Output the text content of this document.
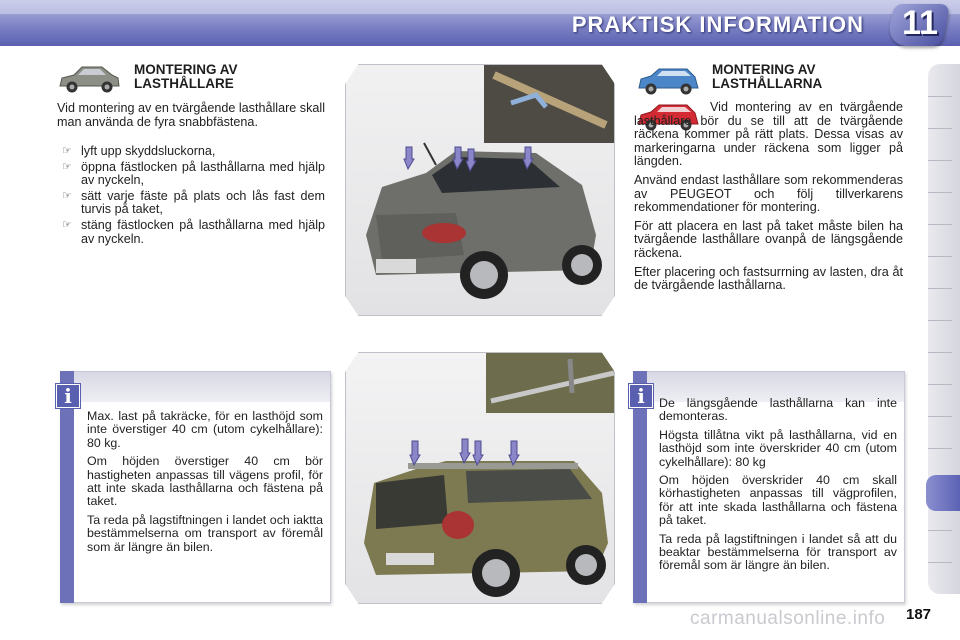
PRAKTISK INFORMATION 11
MONTERING AV LASTHÅLLARE
Vid montering av en tvärgående lasthållare skall man använda de fyra snabbfästena.
☞ lyft upp skyddsluckorna,
☞ öppna fästlocken på lasthållarna med hjälp av nyckeln,
☞ sätt varje fäste på plats och lås fast dem turvis på taket,
☞ stäng fästlocken på lasthållarna med hjälp av nyckeln.
MONTERING AV LASTHÅLLARNA

Vid montering av en tvärgående lasthållare bör du se till att de tvärgående räckena kommer på rätt plats. Dessa visas av markeringarna under räckena som ligger på längden.

Använd endast lasthållare som rekommenderas av PEUGEOT och följ tillverkarens rekommendationer för montering.

För att placera en last på taket måste bilen ha tvärgående lasthållare ovanpå de längsgående räckena.

Efter placering och fastsurrning av lasten, dra åt de tvärgående lasthållarna.

i

Max. last på takräcke, för en lasthöjd som inte överstiger 40 cm (utom cykelhållare): 80 kg.

Om höjden överstiger 40 cm bör hastigheten anpassas till vägens profil, för att inte skada lasthållarna och fästena på taket.

Ta reda på lagstiftningen i landet och iaktta bestämmelserna om transport av föremål som är längre än bilen.

i	De längsgående lasthållarna kan inte demonteras.

Högsta tillåtna vikt på lasthållarna, vid en lasthöjd som inte överskrider 40 cm (utom cykelhållare): 80 kg

Om höjden överskrider 40 cm skall körhastigheten anpassas till vägprofilen, för att inte skada lasthållarna och fästena på taket.

Ta reda på lagstiftningen i landet så att du beaktar bestämmelserna för transport av föremål som är längre än bilen.

carmanualsonline.info 187
